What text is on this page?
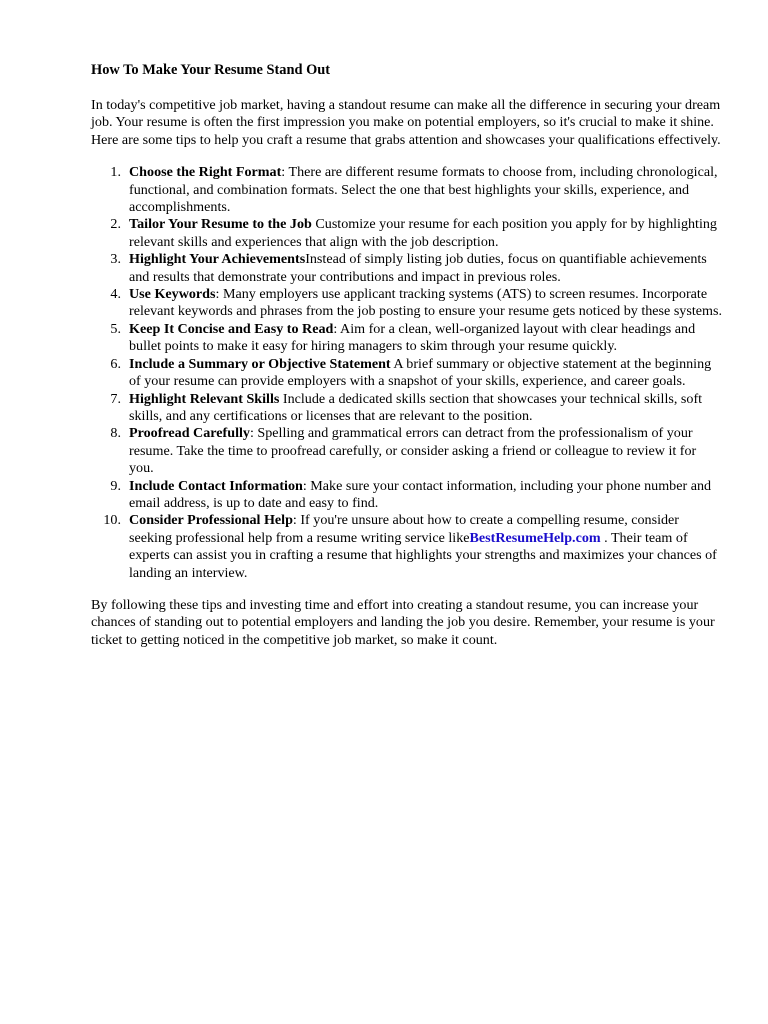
How To Make Your Resume Stand Out

In today's competitive job market, having a standout resume can make all the difference in securing your dream job. Your resume is often the first impression you make on potential employers, so it's crucial to make it shine. Here are some tips to help you craft a resume that grabs attention and showcases your qualifications effectively.

1. Choose the Right Format: There are different resume formats to choose from, including chronological, functional, and combination formats. Select the one that best highlights your skills, experience, and accomplishments.
2. Tailor Your Resume to the Job Customize your resume for each position you apply for by highlighting relevant skills and experiences that align with the job description.
3. Highlight Your AchievementsInstead of simply listing job duties, focus on quantifiable achievements and results that demonstrate your contributions and impact in previous roles.
4. Use Keywords: Many employers use applicant tracking systems (ATS) to screen resumes. Incorporate relevant keywords and phrases from the job posting to ensure your resume gets noticed by these systems.
5. Keep It Concise and Easy to Read: Aim for a clean, well-organized layout with clear headings and bullet points to make it easy for hiring managers to skim through your resume quickly.
6. Include a Summary or Objective Statement A brief summary or objective statement at the beginning of your resume can provide employers with a snapshot of your skills, experience, and career goals.
7. Highlight Relevant Skills Include a dedicated skills section that showcases your technical skills, soft skills, and any certifications or licenses that are relevant to the position.
8. Proofread Carefully: Spelling and grammatical errors can detract from the professionalism of your resume. Take the time to proofread carefully, or consider asking a friend or colleague to review it for you.
9. Include Contact Information: Make sure your contact information, including your phone number and email address, is up to date and easy to find.
10. Consider Professional Help: If you're unsure about how to create a compelling resume, consider seeking professional help from a resume writing service likeBestResumeHelp.com . Their team of experts can assist you in crafting a resume that highlights your strengths and maximizes your chances of landing an interview.

By following these tips and investing time and effort into creating a standout resume, you can increase your chances of standing out to potential employers and landing the job you desire. Remember, your resume is your ticket to getting noticed in the competitive job market, so make it count.
